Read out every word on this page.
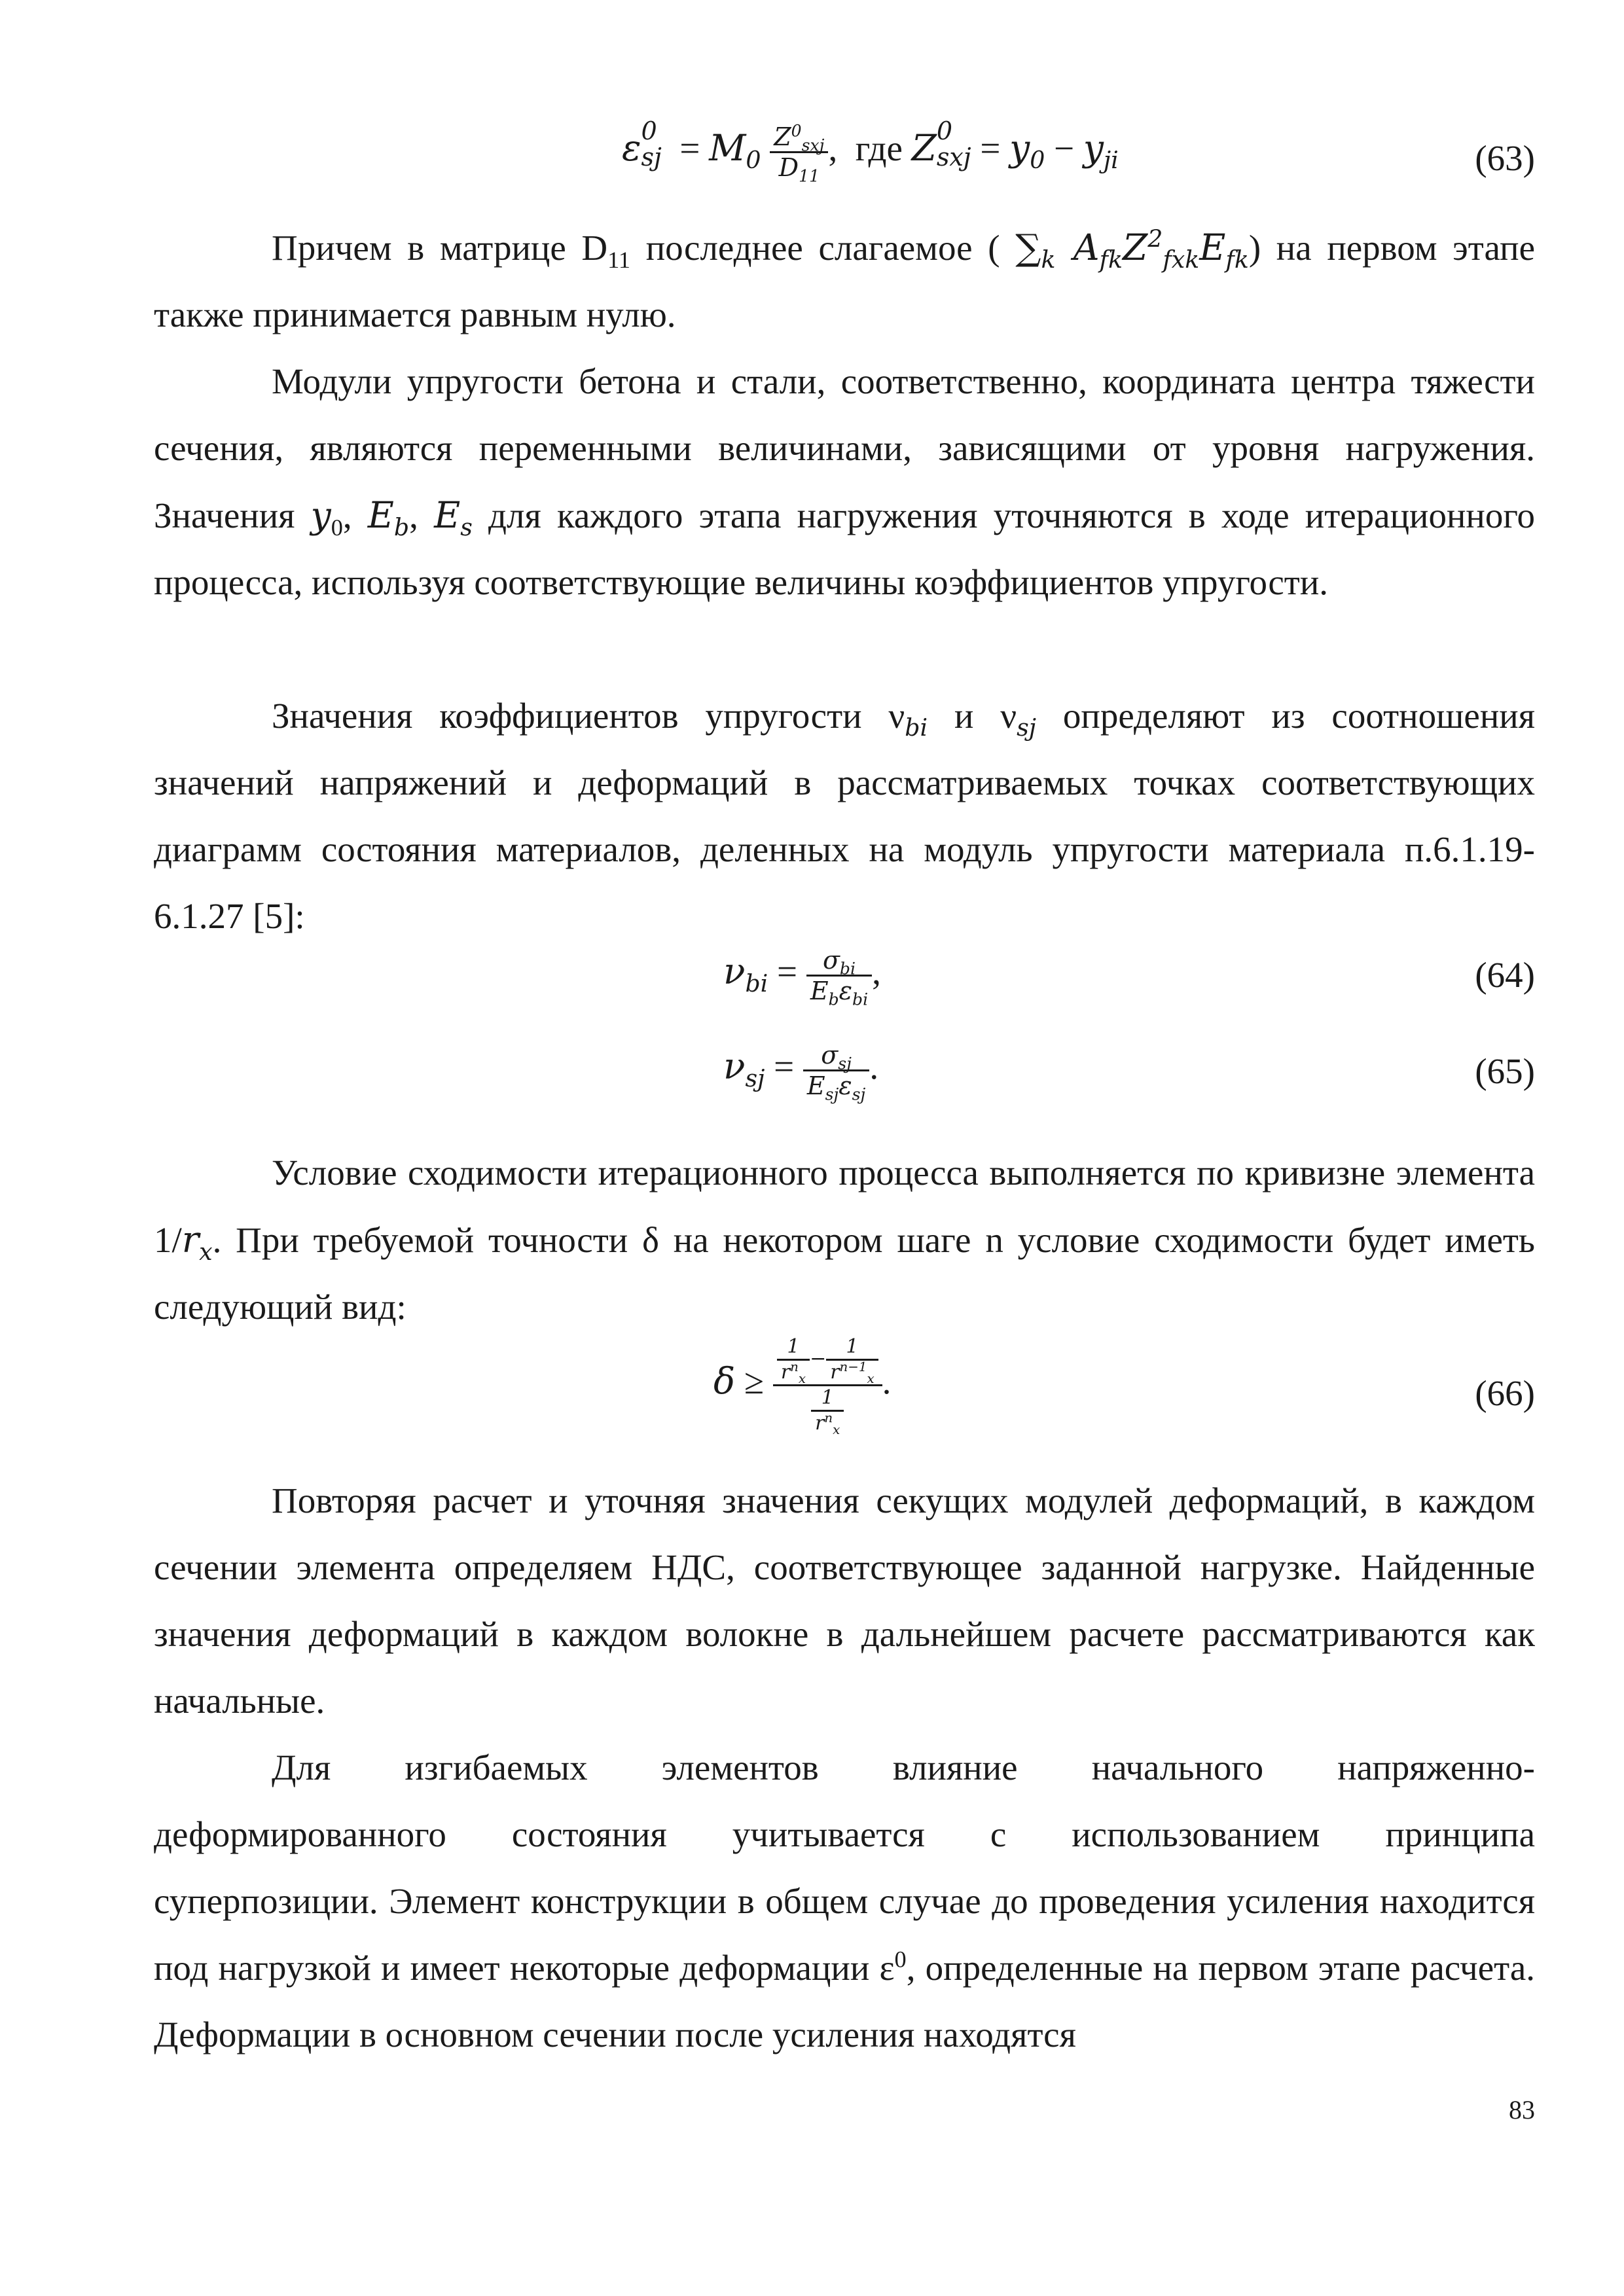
ε 0
sj = $M_0 \frac{Z^0_{sxj}}{D_{11}}$ ,  где Z 0
sxj = $y_0 - y_{ji}$	(63)
Причем в матрице $D_{11}$ последнее слагаемое ( $\sum_k$ $A_{fk}Z^2_{fxk}E_{fk}$) на первом этапе
также принимается равным нулю.
Модули упругости бетона и стали, соответственно, координата центра тяжести сечения, являются переменными величинами, зависящими от уровня нагружения. Значения $y_0$, $E_b$, $E_s$ для каждого этапа нагружения уточняются в ходе итерационного процесса, используя соответствующие величины коэффициентов упругости.
Значения коэффициентов упругости $\nu_{bi}$ и $\nu_{sj}$ определяют из соотношения значений напряжений и деформаций в рассматриваемых точках соответствующих диаграмм состояния материалов, деленных на модуль упругости материала п.6.1.19-6.1.27 [5]:
$\nu_{bi} = \frac{\sigma_{bi}}{E_b\varepsilon_{bi}}$ ,	(64)
$\nu_{sj} = \frac{\sigma_{sj}}{E_{sj}\varepsilon_{sj}}$ .	(65)
Условие сходимости итерационного процесса выполняется по кривизне элемента $1/r_x$. При требуемой точности δ на некотором шаге n условие сходимости будет иметь следующий вид:
$\delta \ge \frac{\frac{1}{r^n_x} - \frac{1}{r^{n-1}_x}}{\frac{1}{r^n_x}}$ .	(66)
Повторяя расчет и уточняя значения секущих модулей деформаций, в каждом сечении элемента определяем НДС, соответствующее заданной нагрузке. Найденные значения деформаций в каждом волокне в дальнейшем расчете рассматриваются как начальные.
Для изгибаемых элементов влияние начального напряженно-
деформированного состояния учитывается с использованием принципа
суперпозиции. Элемент конструкции в общем случае до проведения усиления находится под нагрузкой и имеет некоторые деформации $\varepsilon^0$, определенные на первом этапе расчета. Деформации в основном сечении после усиления находятся
83
